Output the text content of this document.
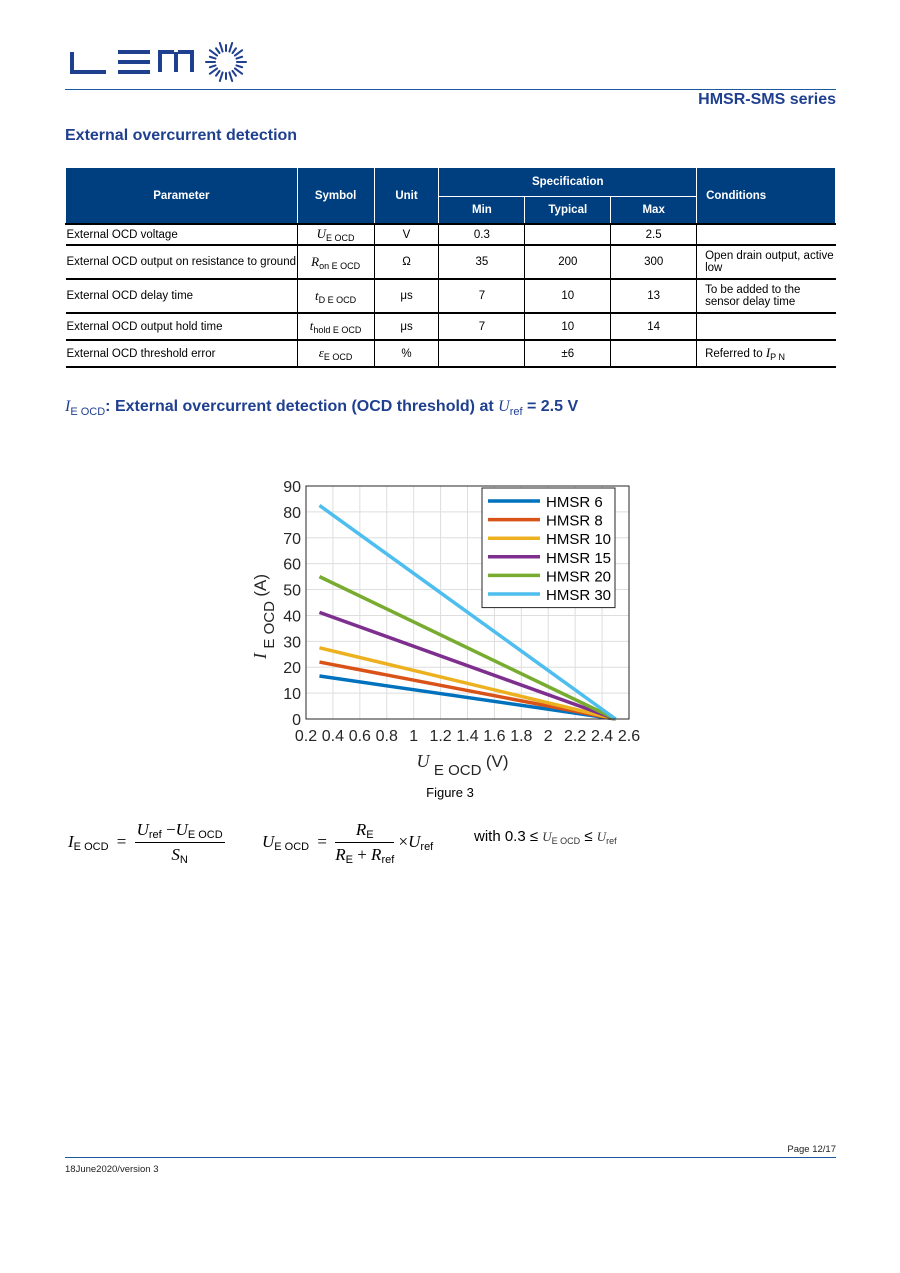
HMSR-SMS series
External overcurrent detection
Parameter	Symbol	Unit	Specification			Conditions
			Min	Typical	Max	
External OCD voltage	$U_{E OCD}$	V	0.3		2.5	
External OCD output on resistance to ground	$R_{on E OCD}$	Ω	35	200	300	Open drain output, active low
External OCD delay time	$t_{D E OCD}$	μs	7	10	13	To be added to the sensor delay time
External OCD output hold time	$t_{hold E OCD}$	μs	7	10	14	
External OCD threshold error	$\varepsilon_{E OCD}$	%		±6		Referred to $I_{P N}$
$I_{E OCD}$: External overcurrent detection (OCD threshold) at $U_{ref} = 2.5$ V
0.2 0.4 0.6 0.8 1 1.2 1.4 1.6 1.8 2 2.2 2.4 2.6
0
10
20
30
40
50
60
70
80
90
HMSR 6
HMSR 8
HMSR 10
HMSR 15
HMSR 20
HMSR 30
U E OCD (V)
I E OCD (A)
Figure 3
IE OCD = $\frac{\text{Uref −UE OCD}}{SN}$ UE OCD = $\frac{RE}{\text{RE + Rref}}$ ×Uref
with $0.3 \le U_{E OCD} \le U_{ref}$
Page 12/17
18June2020/version 3
